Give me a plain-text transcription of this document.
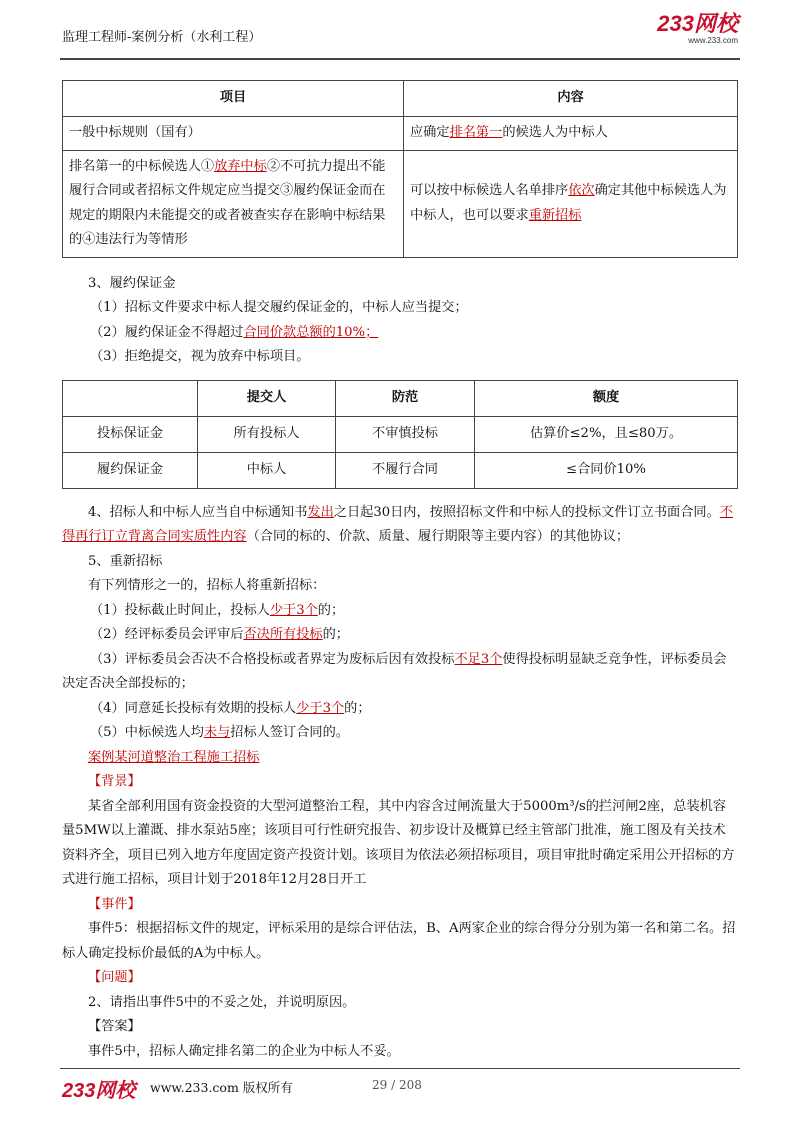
监理工程师-案例分析（水利工程）
233网校
www.233.com
项目	内容
一般中标规则（国有）	应确定排名第一的候选人为中标人
排名第一的中标候选人①放弃中标②不可抗力提出不能履行合同或者招标文件规定应当提交③履约保证金而在规定的期限内未能提交的或者被查实存在影响中标结果的④违法行为等情形	可以按中标候选人名单排序依次确定其他中标候选人为中标人，也可以要求重新招标

3、履约保证金

（1）招标文件要求中标人提交履约保证金的，中标人应当提交；

（2）履约保证金不得超过合同价款总额的10%；

（3）拒绝提交，视为放弃中标项目。

	提交人	防范	额度
投标保证金	所有投标人	不审慎投标	估算价≤2%，且≤80万。
履约保证金	中标人	不履行合同	≤合同价10%

4、招标人和中标人应当自中标通知书发出之日起30日内，按照招标文件和中标人的投标文件订立书面合同。不得再行订立背离合同实质性内容（合同的标的、价款、质量、履行期限等主要内容）的其他协议；

5、重新招标

有下列情形之一的，招标人将重新招标：

（1）投标截止时间止，投标人少于3个的；

（2）经评标委员会评审后否决所有投标的；

（3）评标委员会否决不合格投标或者界定为废标后因有效投标不足3个使得投标明显缺乏竞争性，评标委员会决定否决全部投标的；

（4）同意延长投标有效期的投标人少于3个的；

（5）中标候选人均未与招标人签订合同的。

案例某河道整治工程施工招标

【背景】

某省全部利用国有资金投资的大型河道整治工程，其中内容含过闸流量大于5000m³/s的拦河闸2座，总装机容量5MW以上灌溉、排水泵站5座；该项目可行性研究报告、初步设计及概算已经主管部门批准，施工图及有关技术资料齐全，项目已列入地方年度固定资产投资计划。该项目为依法必须招标项目，项目审批时确定采用公开招标的方式进行施工招标，项目计划于2018年12月28日开工

【事件】

事件5：根据招标文件的规定，评标采用的是综合评估法，B、A两家企业的综合得分分别为第一名和第二名。招标人确定投标价最低的A为中标人。

【问题】

2、请指出事件5中的不妥之处，并说明原因。

【答案】

事件5中，招标人确定排名第二的企业为中标人不妥。

233网校 www.233.com 版权所有	29 / 208
